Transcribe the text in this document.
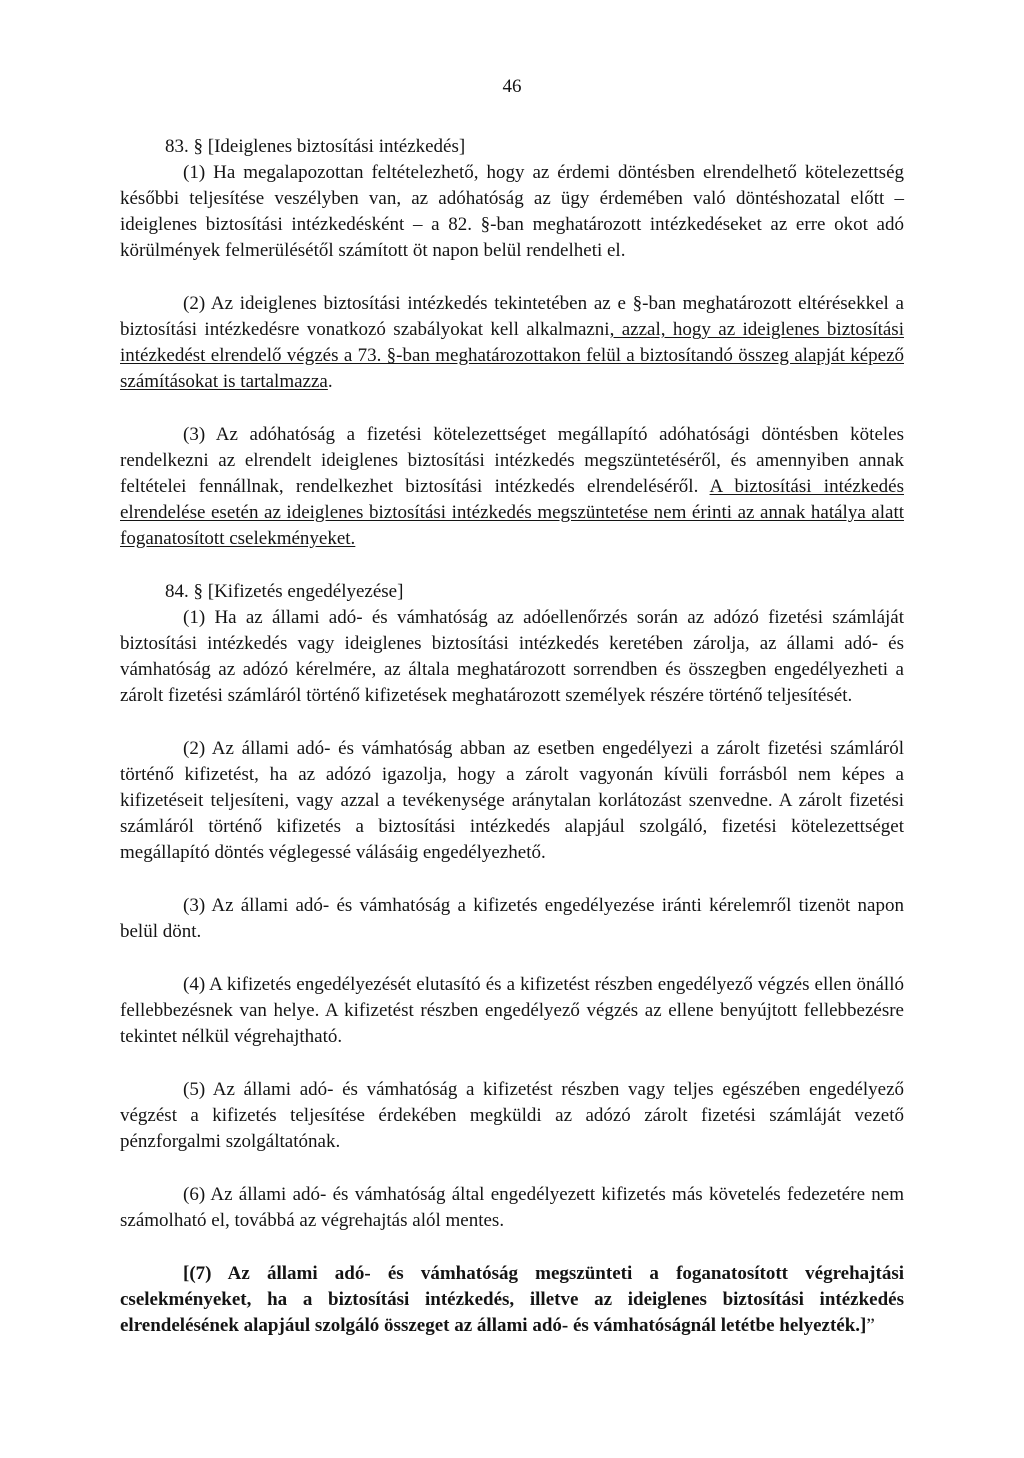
46

83. § [Ideiglenes biztosítási intézkedés]

(1) Ha megalapozottan feltételezhető, hogy az érdemi döntésben elrendelhető kötelezettség későbbi teljesítése veszélyben van, az adóhatóság az ügy érdemében való döntéshozatal előtt – ideiglenes biztosítási intézkedésként – a 82. §-ban meghatározott intézkedéseket az erre okot adó körülmények felmerülésétől számított öt napon belül rendelheti el.

(2) Az ideiglenes biztosítási intézkedés tekintetében az e §-ban meghatározott eltérésekkel a biztosítási intézkedésre vonatkozó szabályokat kell alkalmazni, azzal, hogy az ideiglenes biztosítási intézkedést elrendelő végzés a 73. §-ban meghatározottakon felül a biztosítandó összeg alapját képező számításokat is tartalmazza.

(3) Az adóhatóság a fizetési kötelezettséget megállapító adóhatósági döntésben köteles rendelkezni az elrendelt ideiglenes biztosítási intézkedés megszüntetéséről, és amennyiben annak feltételei fennállnak, rendelkezhet biztosítási intézkedés elrendeléséről. A biztosítási intézkedés elrendelése esetén az ideiglenes biztosítási intézkedés megszüntetése nem érinti az annak hatálya alatt foganatosított cselekményeket.

84. § [Kifizetés engedélyezése]

(1) Ha az állami adó- és vámhatóság az adóellenőrzés során az adózó fizetési számláját biztosítási intézkedés vagy ideiglenes biztosítási intézkedés keretében zárolja, az állami adó- és vámhatóság az adózó kérelmére, az általa meghatározott sorrendben és összegben engedélyezheti a zárolt fizetési számláról történő kifizetések meghatározott személyek részére történő teljesítését.

(2) Az állami adó- és vámhatóság abban az esetben engedélyezi a zárolt fizetési számláról történő kifizetést, ha az adózó igazolja, hogy a zárolt vagyonán kívüli forrásból nem képes a kifizetéseit teljesíteni, vagy azzal a tevékenysége aránytalan korlátozást szenvedne. A zárolt fizetési számláról történő kifizetés a biztosítási intézkedés alapjául szolgáló, fizetési kötelezettséget megállapító döntés véglegessé válásáig engedélyezhető.

(3) Az állami adó- és vámhatóság a kifizetés engedélyezése iránti kérelemről tizenöt napon belül dönt.

(4) A kifizetés engedélyezését elutasító és a kifizetést részben engedélyező végzés ellen önálló fellebbezésnek van helye. A kifizetést részben engedélyező végzés az ellene benyújtott fellebbezésre tekintet nélkül végrehajtható.

(5) Az állami adó- és vámhatóság a kifizetést részben vagy teljes egészében engedélyező végzést a kifizetés teljesítése érdekében megküldi az adózó zárolt fizetési számláját vezető pénzforgalmi szolgáltatónak.

(6) Az állami adó- és vámhatóság által engedélyezett kifizetés más követelés fedezetére nem számolható el, továbbá az végrehajtás alól mentes.

[(7) Az állami adó- és vámhatóság megszünteti a foganatosított végrehajtási cselekményeket, ha a biztosítási intézkedés, illetve az ideiglenes biztosítási intézkedés elrendelésének alapjául szolgáló összeget az állami adó- és vámhatóságnál letétbe helyezték.]”
